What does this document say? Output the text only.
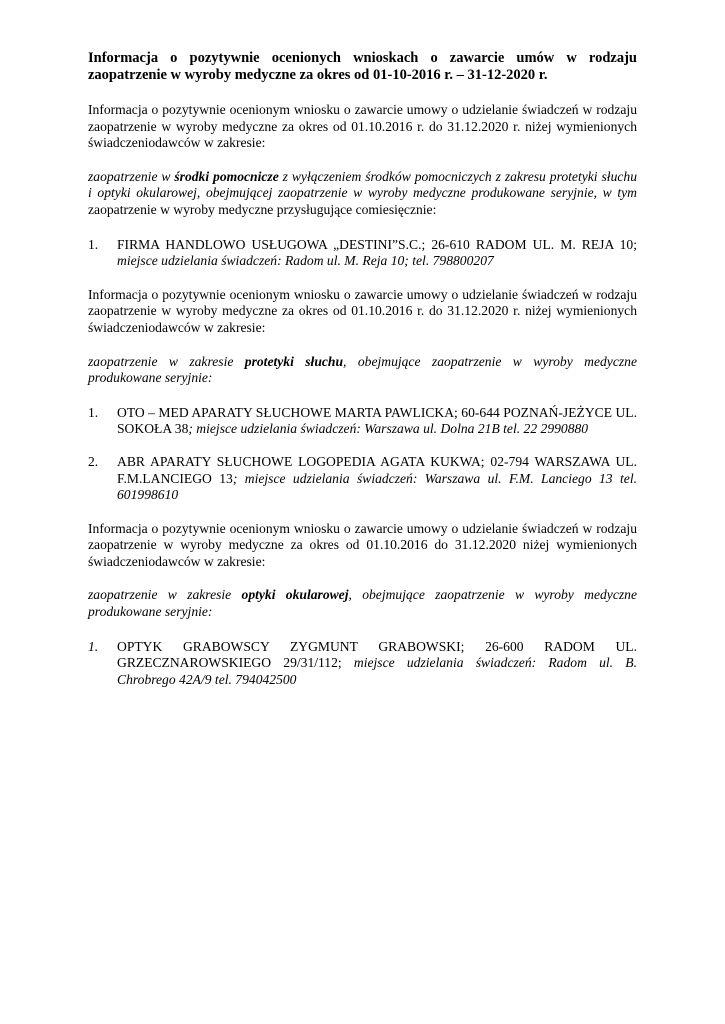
Informacja o pozytywnie ocenionych wnioskach o zawarcie umów w rodzaju zaopatrzenie w wyroby medyczne za okres od 01-10-2016 r. – 31-12-2020 r.

Informacja o pozytywnie ocenionym wniosku o zawarcie umowy o udzielanie świadczeń w rodzaju zaopatrzenie w wyroby medyczne za okres od 01.10.2016 r. do 31.12.2020 r. niżej wymienionych świadczeniodawców w zakresie:

zaopatrzenie w środki pomocnicze z wyłączeniem środków pomocniczych z zakresu protetyki słuchu i optyki okularowej, obejmującej zaopatrzenie w wyroby medyczne produkowane seryjnie, w tym zaopatrzenie w wyroby medyczne przysługujące comiesięcznie:

1.	FIRMA HANDLOWO USŁUGOWA „DESTINI”S.C.; 26-610 RADOM UL. M. REJA 10; miejsce udzielania świadczeń: Radom ul. M. Reja 10; tel. 798800207

Informacja o pozytywnie ocenionym wniosku o zawarcie umowy o udzielanie świadczeń w rodzaju zaopatrzenie w wyroby medyczne za okres od 01.10.2016 r. do 31.12.2020 r. niżej wymienionych świadczeniodawców w zakresie:

zaopatrzenie w zakresie protetyki słuchu, obejmujące zaopatrzenie w wyroby medyczne produkowane seryjnie:

1.	OTO – MED APARATY SŁUCHOWE MARTA PAWLICKA; 60-644 POZNAŃ-JEŻYCE UL. SOKOŁA 38; miejsce udzielania świadczeń: Warszawa ul. Dolna 21B tel. 22 2990880
2.	ABR APARATY SŁUCHOWE LOGOPEDIA AGATA KUKWA; 02-794 WARSZAWA UL. F.M.LANCIEGO 13; miejsce udzielania świadczeń: Warszawa ul. F.M. Lanciego 13 tel. 601998610

Informacja o pozytywnie ocenionym wniosku o zawarcie umowy o udzielanie świadczeń w rodzaju zaopatrzenie w wyroby medyczne za okres od 01.10.2016 do 31.12.2020 niżej wymienionych świadczeniodawców w zakresie:

zaopatrzenie w zakresie optyki okularowej, obejmujące zaopatrzenie w wyroby medyczne produkowane seryjnie:

1.	OPTYK GRABOWSCY ZYGMUNT GRABOWSKI; 26-600 RADOM UL. GRZECZNAROWSKIEGO 29/31/112; miejsce udzielania świadczeń: Radom ul. B. Chrobrego 42A/9 tel. 794042500
